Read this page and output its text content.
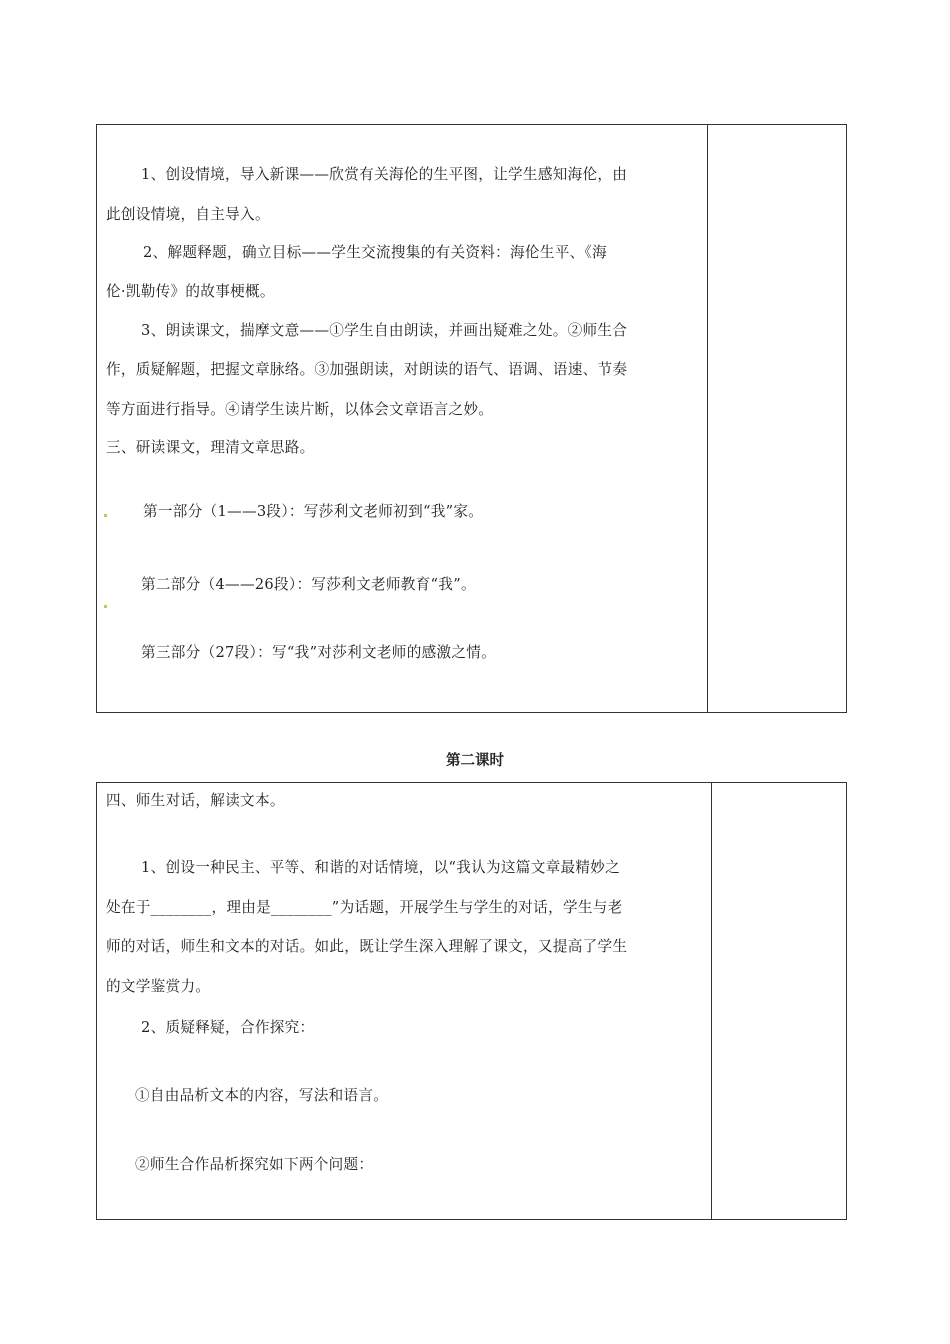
1、创设情境，导入新课——欣赏有关海伦的生平图，让学生感知海伦，由
此创设情境，自主导入。
2、解题释题，确立目标——学生交流搜集的有关资料：海伦生平、《海
伦·凯勒传》的故事梗概。
3、朗读课文，揣摩文意——①学生自由朗读，并画出疑难之处。②师生合
作，质疑解题，把握文章脉络。③加强朗读，对朗读的语气、语调、语速、节奏
等方面进行指导。④请学生读片断，以体会文章语言之妙。
三、研读课文，理清文章思路。
第一部分（1——3段）：写莎利文老师初到“我”家。
第二部分（4——26段）：写莎利文老师教育“我”。
第三部分（27段）：写“我”对莎利文老师的感激之情。
第二课时
四、师生对话，解读文本。
1、创设一种民主、平等、和谐的对话情境，以“我认为这篇文章最精妙之
处在于________，理由是________”为话题，开展学生与学生的对话，学生与老
师的对话，师生和文本的对话。如此，既让学生深入理解了课文，又提高了学生
的文学鉴赏力。
2、质疑释疑，合作探究：
①自由品析文本的内容，写法和语言。
②师生合作品析探究如下两个问题：
